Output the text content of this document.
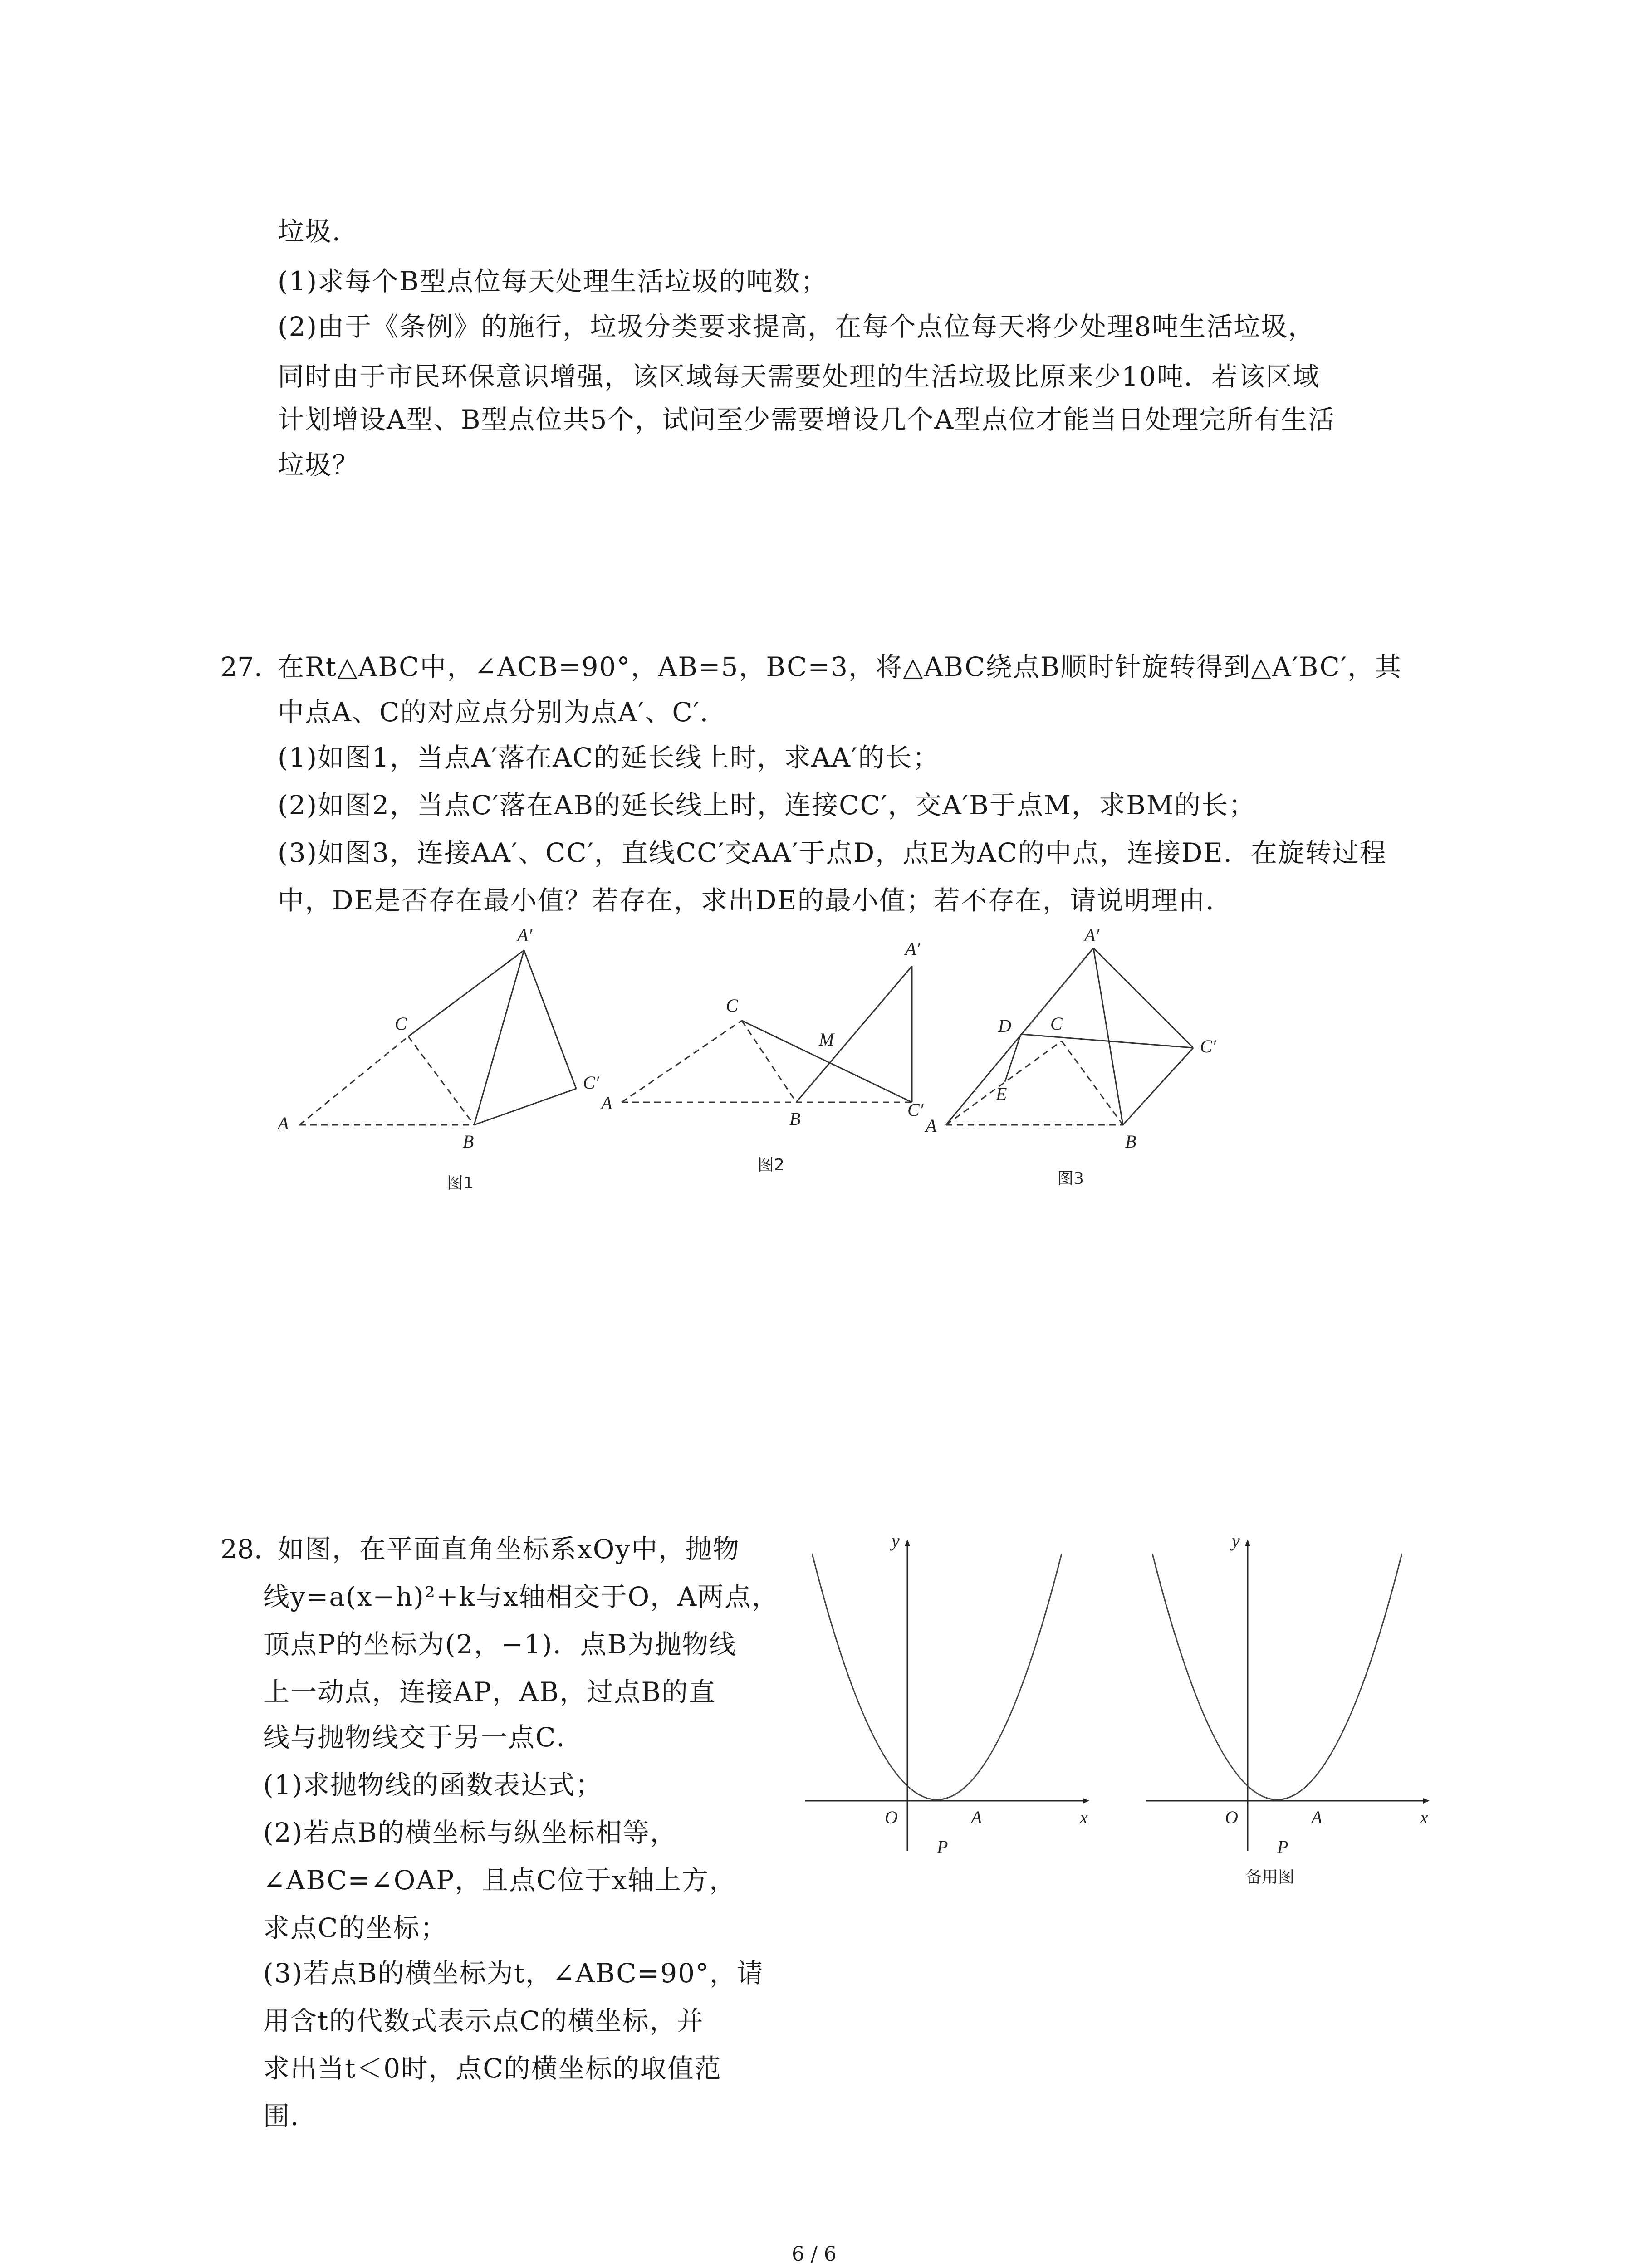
垃圾．
(1)求每个B型点位每天处理生活垃圾的吨数；
(2)由于《条例》的施行，垃圾分类要求提高，在每个点位每天将少处理8吨生活垃圾，
同时由于市民环保意识增强，该区域每天需要处理的生活垃圾比原来少10吨．若该区域
计划增设A型、B型点位共5个，试问至少需要增设几个A型点位才能当日处理完所有生活
垃圾？
27. 在Rt△ABC中，∠ACB=90°，AB=5，BC=3，将△ABC绕点B顺时针旋转得到△A′BC′，其
中点A、C的对应点分别为点A′、C′．
(1)如图1，当点A′落在AC的延长线上时，求AA′的长；
(2)如图2，当点C′落在AB的延长线上时，连接CC′，交A′B于点M，求BM的长；
(3)如图3，连接AA′、CC′，直线CC′交AA′于点D，点E为AC的中点，连接DE．在旋转过程
中，DE是否存在最小值？若存在，求出DE的最小值；若不存在，请说明理由．
A
B
C
A′
C′
A
B
C
M
A′
C′
A
B
C
D
E
A′
C′
图1
图2
图3
28. 如图，在平面直角坐标系xOy中，抛物
线y=a(x−h)²+k与x轴相交于O，A两点，
顶点P的坐标为(2，−1)．点B为抛物线
上一动点，连接AP，AB，过点B的直
线与抛物线交于另一点C．
(1)求抛物线的函数表达式；
(2)若点B的横坐标与纵坐标相等，
∠ABC=∠OAP，且点C位于x轴上方，
求点C的坐标；
(3)若点B的横坐标为t，∠ABC=90°，请
用含t的代数式表示点C的横坐标，并
求出当t＜0时，点C的横坐标的取值范
围．
y
x
O	A
P
y
x
O	A
P
备用图
6 / 6
